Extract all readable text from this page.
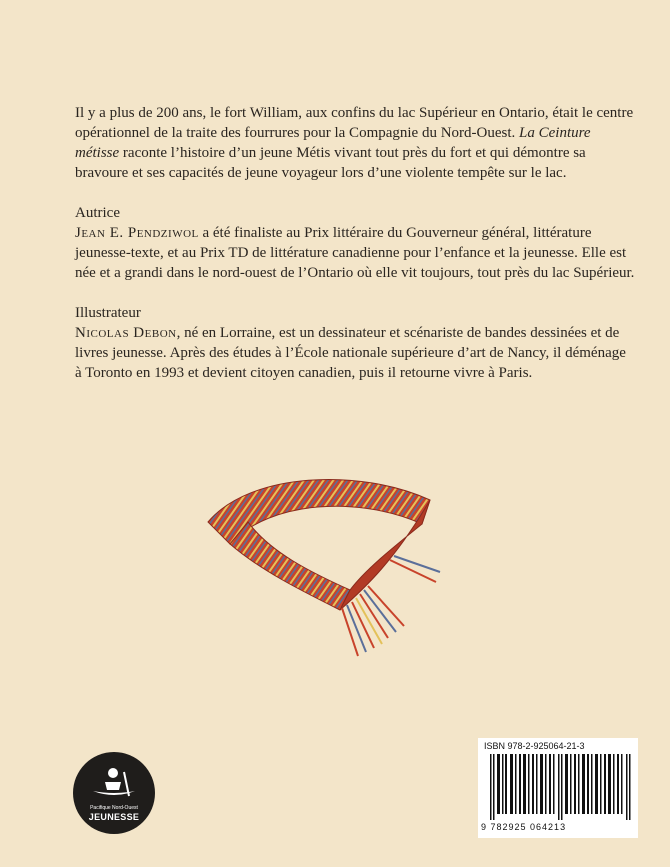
Il y a plus de 200 ans, le fort William, aux confins du lac Supérieur en Ontario, était le centre opérationnel de la traite des fourrures pour la Compagnie du Nord-Ouest. La Ceinture métisse raconte l’histoire d’un jeune Métis vivant tout près du fort et qui démontre sa bravoure et ses capacités de jeune voyageur lors d’une violente tempête sur le lac.

Autrice
Jean E. Pendziwol a été finaliste au Prix littéraire du Gouverneur général, littérature jeunesse-texte, et au Prix TD de littérature canadienne pour l’enfance et la jeunesse. Elle est née et a grandi dans le nord-ouest de l’Ontario où elle vit toujours, tout près du lac Supérieur.

Illustrateur
Nicolas Debon, né en Lorraine, est un dessinateur et scénariste de bandes dessinées et de livres jeunesse. Après des études à l’École nationale supérieure d’art de Nancy, il déménage à Toronto en 1993 et devient citoyen canadien, puis il retourne vivre à Paris.

Pacifique Nord-Ouest
JEUNESSE
ISBN 978-2-925064-21-3
9 782925 064213
